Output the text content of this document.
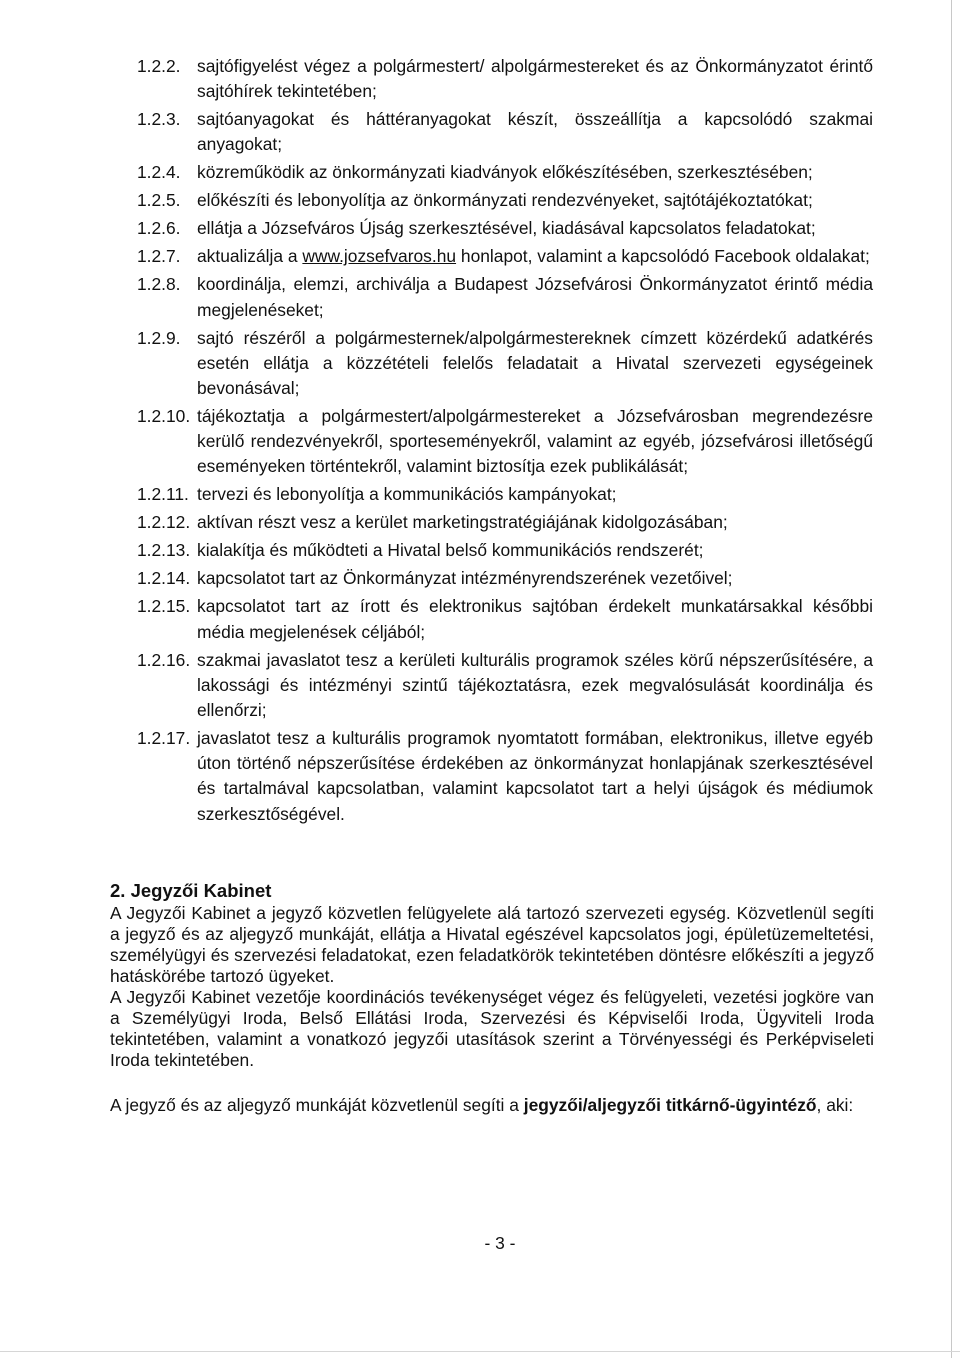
1.2.2. sajtófigyelést végez a polgármestert/ alpolgármestereket és az Önkormányzatot érintő sajtóhírek tekintetében;
1.2.3. sajtóanyagokat és háttéranyagokat készít, összeállítja a kapcsolódó szakmai anyagokat;
1.2.4. közreműködik az önkormányzati kiadványok előkészítésében, szerkesztésében;
1.2.5. előkészíti és lebonyolítja az önkormányzati rendezvényeket, sajtótájékoztatókat;
1.2.6. ellátja a Józsefváros Újság szerkesztésével, kiadásával kapcsolatos feladatokat;
1.2.7. aktualizálja a www.jozsefvaros.hu honlapot, valamint a kapcsolódó Facebook oldalakat;
1.2.8. koordinálja, elemzi, archiválja a Budapest Józsefvárosi Önkormányzatot érintő média megjelenéseket;
1.2.9. sajtó részéről a polgármesternek/alpolgármestereknek címzett közérdekű adatkérés esetén ellátja a közzétételi felelős feladatait a Hivatal szervezeti egységeinek bevonásával;
1.2.10. tájékoztatja a polgármestert/alpolgármestereket a Józsefvárosban megrendezésre kerülő rendezvényekről, sportesem​ényekről, valamint az egyéb, józsefvárosi illetőségű eseményeken történtekről, valamint biztosítja ezek publikálását;
1.2.11. tervezi és lebonyolítja a kommunikációs kampányokat;
1.2.12. aktívan részt vesz a kerület marketingstratégiájának kidolgozásában;
1.2.13. kialakítja és működteti a Hivatal belső kommunikációs rendszerét;
1.2.14. kapcsolatot tart az Önkormányzat intézményrendszerének vezetőivel;
1.2.15. kapcsolatot tart az írott és elektronikus sajtóban érdekelt munkatársakkal későbbi média megjelenések céljából;
1.2.16. szakmai javaslatot tesz a kerületi kulturális programok széles körű népszerűsítésére, a lakossági és intézményi szintű tájékoztatásra, ezek megvalósulását koordinálja és ellenőrzi;
1.2.17. javaslatot tesz a kulturális programok nyomtatott formában, elektronikus, illetve egyéb úton történő népszerűsítése érdekében az önkormányzat honlapjának szerkesztésével és tartalmával kapcsolatban, valamint kapcsolatot tart a helyi újságok és médiumok szerkesztőségével.
2. Jegyzői Kabinet

A Jegyzői Kabinet a jegyző közvetlen felügyelete alá tartozó szervezeti egység. Közvetlenül segíti a jegyző és az aljegyző munkáját, ellátja a Hivatal egészével kapcsolatos jogi, épületüzemeltetési, személyügyi és szervezési feladatokat, ezen feladatkörök tekintetében döntésre előkészíti a jegyző hatáskörébe tartozó ügyeket.

A Jegyzői Kabinet vezetője koordinációs tevékenységet végez és felügyeleti, vezetési jogköre van a Személyügyi Iroda, Belső Ellátási Iroda, Szervezési és Képviselői Iroda, Ügyviteli Iroda tekintetében, valamint a vonatkozó jegyzői utasítások szerint a Törvényességi és Perképviseleti Iroda tekintetében.

A jegyző és az aljegyző munkáját közvetlenül segíti a jegyzői/aljegyzői titkárnő-ügyintéző, aki:

- 3 -
